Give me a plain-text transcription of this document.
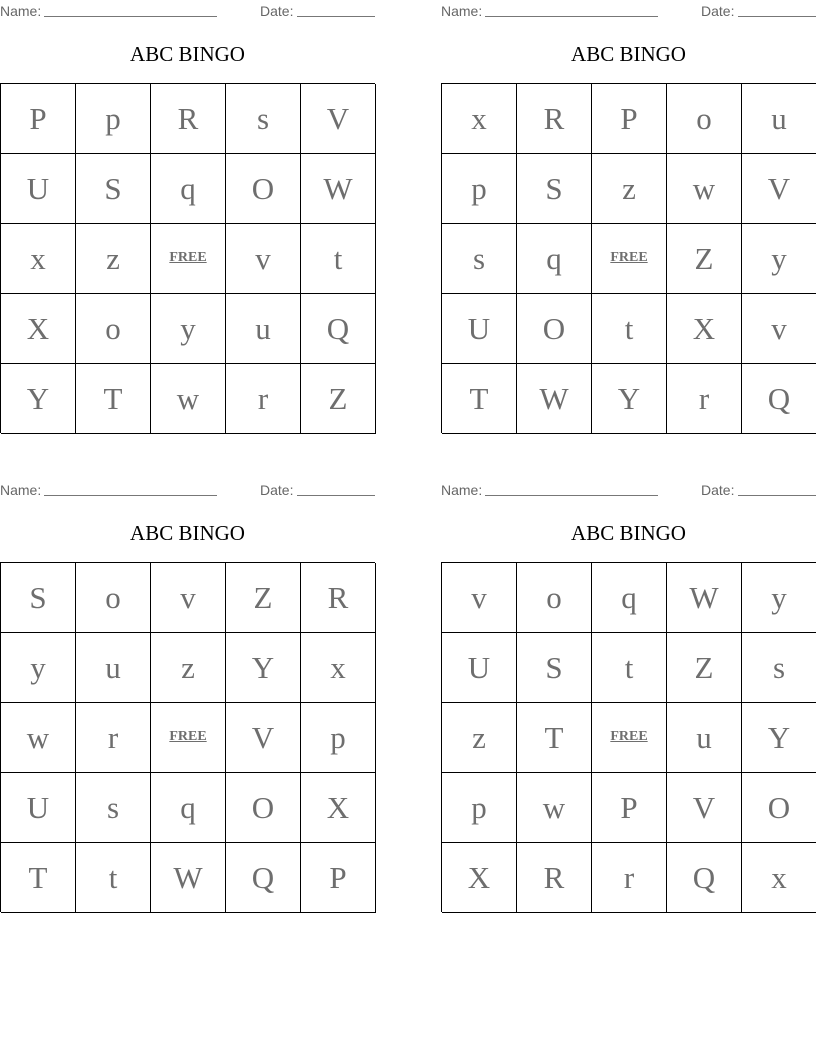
Name:	Date:
ABC BINGO
P	p	R	s	V
U	S	q	O	W
x	z	FREE	v	t
X	o	y	u	Q
Y	T	w	r	Z
Name:	Date:
ABC BINGO
x	R	P	o	u
p	S	z	w	V
s	q	FREE	Z	y
U	O	t	X	v
T	W	Y	r	Q
Name:	Date:
ABC BINGO
S	o	v	Z	R
y	u	z	Y	x
w	r	FREE	V	p
U	s	q	O	X
T	t	W	Q	P
Name:	Date:
ABC BINGO
v	o	q	W	y
U	S	t	Z	s
z	T	FREE	u	Y
p	w	P	V	O
X	R	r	Q	x
